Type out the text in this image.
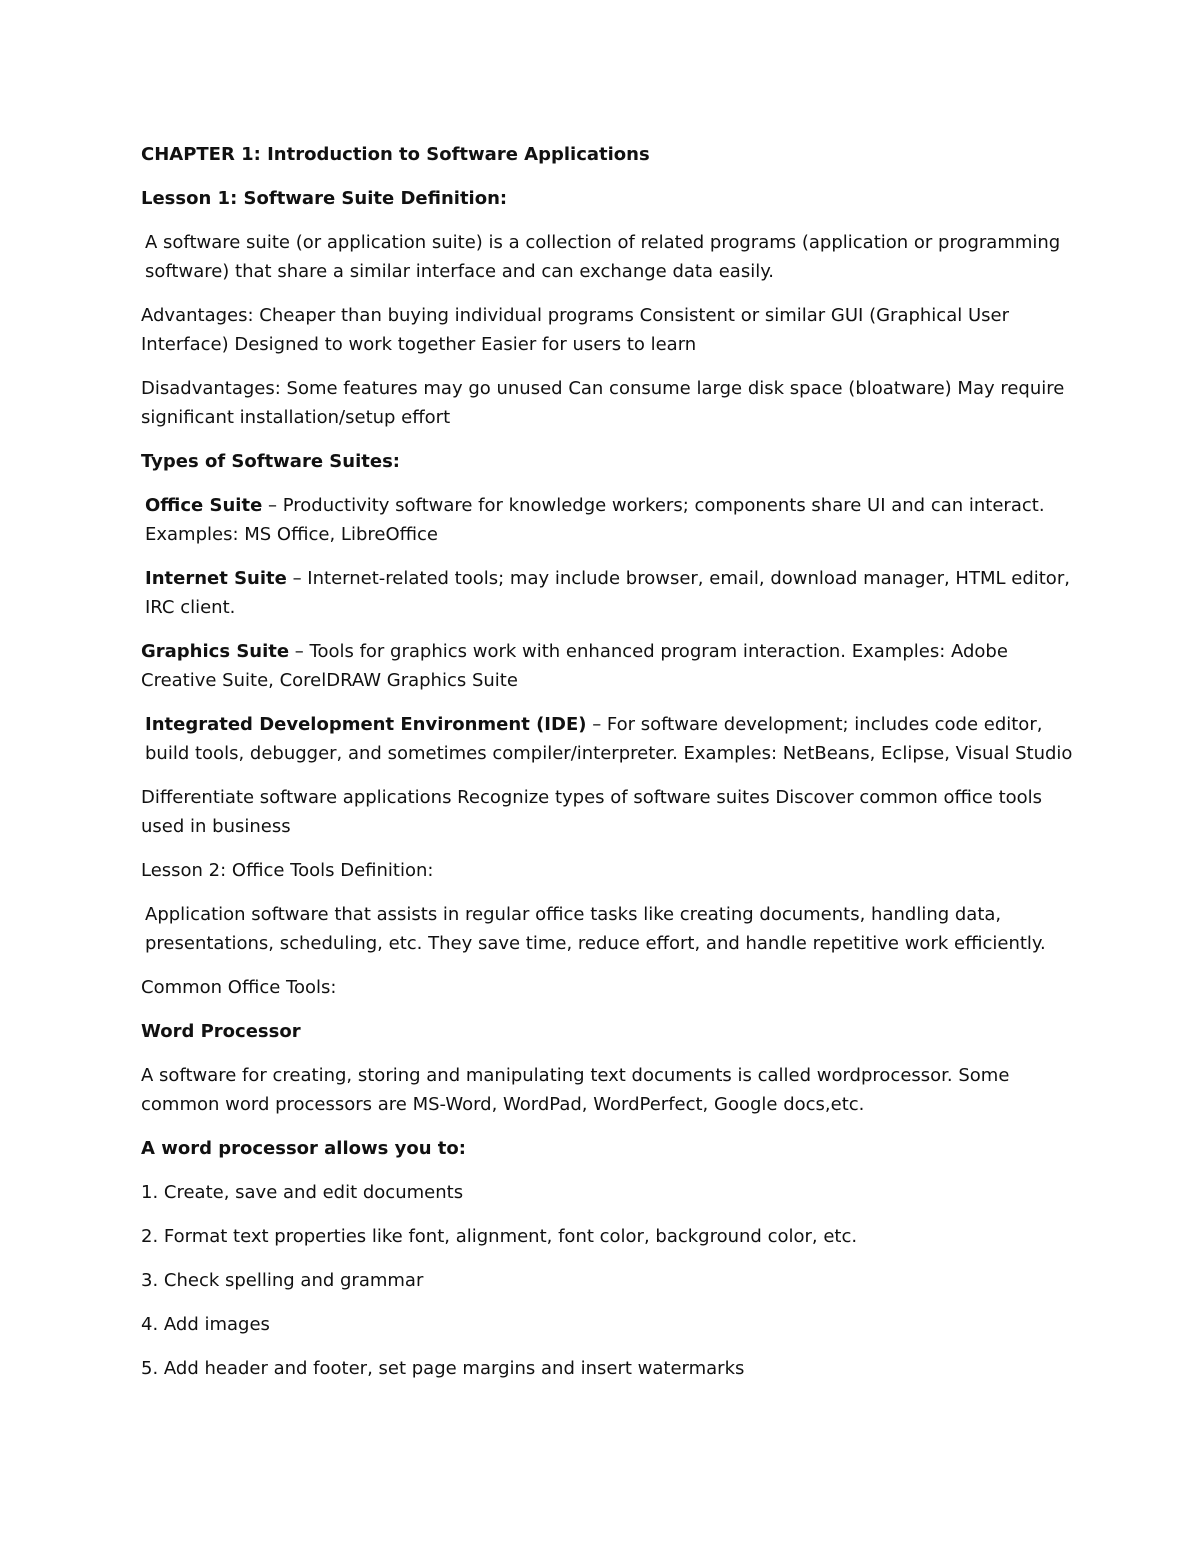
CHAPTER 1: Introduction to Software Applications

Lesson 1: Software Suite Definition:

A software suite (or application suite) is a collection of related programs (application or programming software) that share a similar interface and can exchange data easily.

Advantages: Cheaper than buying individual programs Consistent or similar GUI (Graphical User Interface) Designed to work together Easier for users to learn

Disadvantages: Some features may go unused Can consume large disk space (bloatware) May require significant installation/setup effort

Types of Software Suites:

Office Suite – Productivity software for knowledge workers; components share UI and can interact. Examples: MS Office, LibreOffice

Internet Suite – Internet-related tools; may include browser, email, download manager, HTML editor, IRC client.

Graphics Suite – Tools for graphics work with enhanced program interaction. Examples: Adobe Creative Suite, CorelDRAW Graphics Suite

Integrated Development Environment (IDE) – For software development; includes code editor, build tools, debugger, and sometimes compiler/interpreter. Examples: NetBeans, Eclipse, Visual Studio

Differentiate software applications Recognize types of software suites Discover common office tools used in business

Lesson 2: Office Tools Definition:

Application software that assists in regular office tasks like creating documents, handling data, presentations, scheduling, etc. They save time, reduce effort, and handle repetitive work efficiently.

Common Office Tools:

Word Processor

A software for creating, storing and manipulating text documents is called wordprocessor. Some common word processors are MS-Word, WordPad, WordPerfect, Google docs,etc.

A word processor allows you to:

1. Create, save and edit documents

2. Format text properties like font, alignment, font color, background color, etc.

3. Check spelling and grammar

4. Add images

5. Add header and footer, set page margins and insert watermarks
